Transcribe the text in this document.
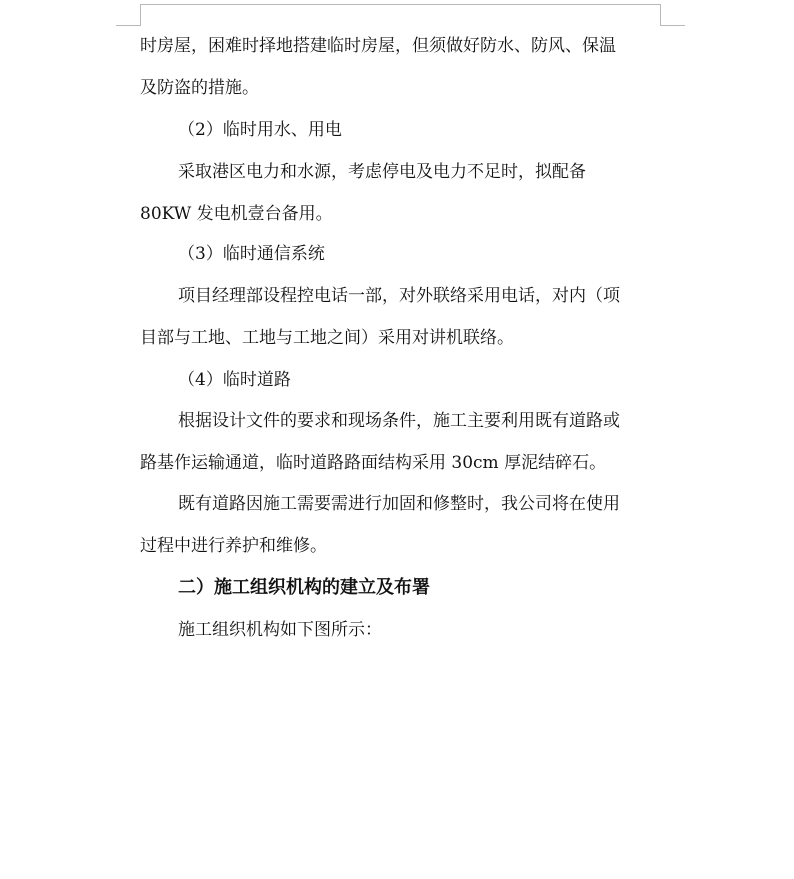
时房屋，困难时择地搭建临时房屋，但须做好防水、防风、保温
及防盗的措施。
（2）临时用水、用电
采取港区电力和水源，考虑停电及电力不足时，拟配备
80KW 发电机壹台备用。
（3）临时通信系统
项目经理部设程控电话一部，对外联络采用电话，对内（项
目部与工地、工地与工地之间）采用对讲机联络。
（4）临时道路
根据设计文件的要求和现场条件，施工主要利用既有道路或
路基作运输通道，临时道路路面结构采用 30cm 厚泥结碎石。
既有道路因施工需要需进行加固和修整时，我公司将在使用
过程中进行养护和维修。
二）施工组织机构的建立及布署
施工组织机构如下图所示：
